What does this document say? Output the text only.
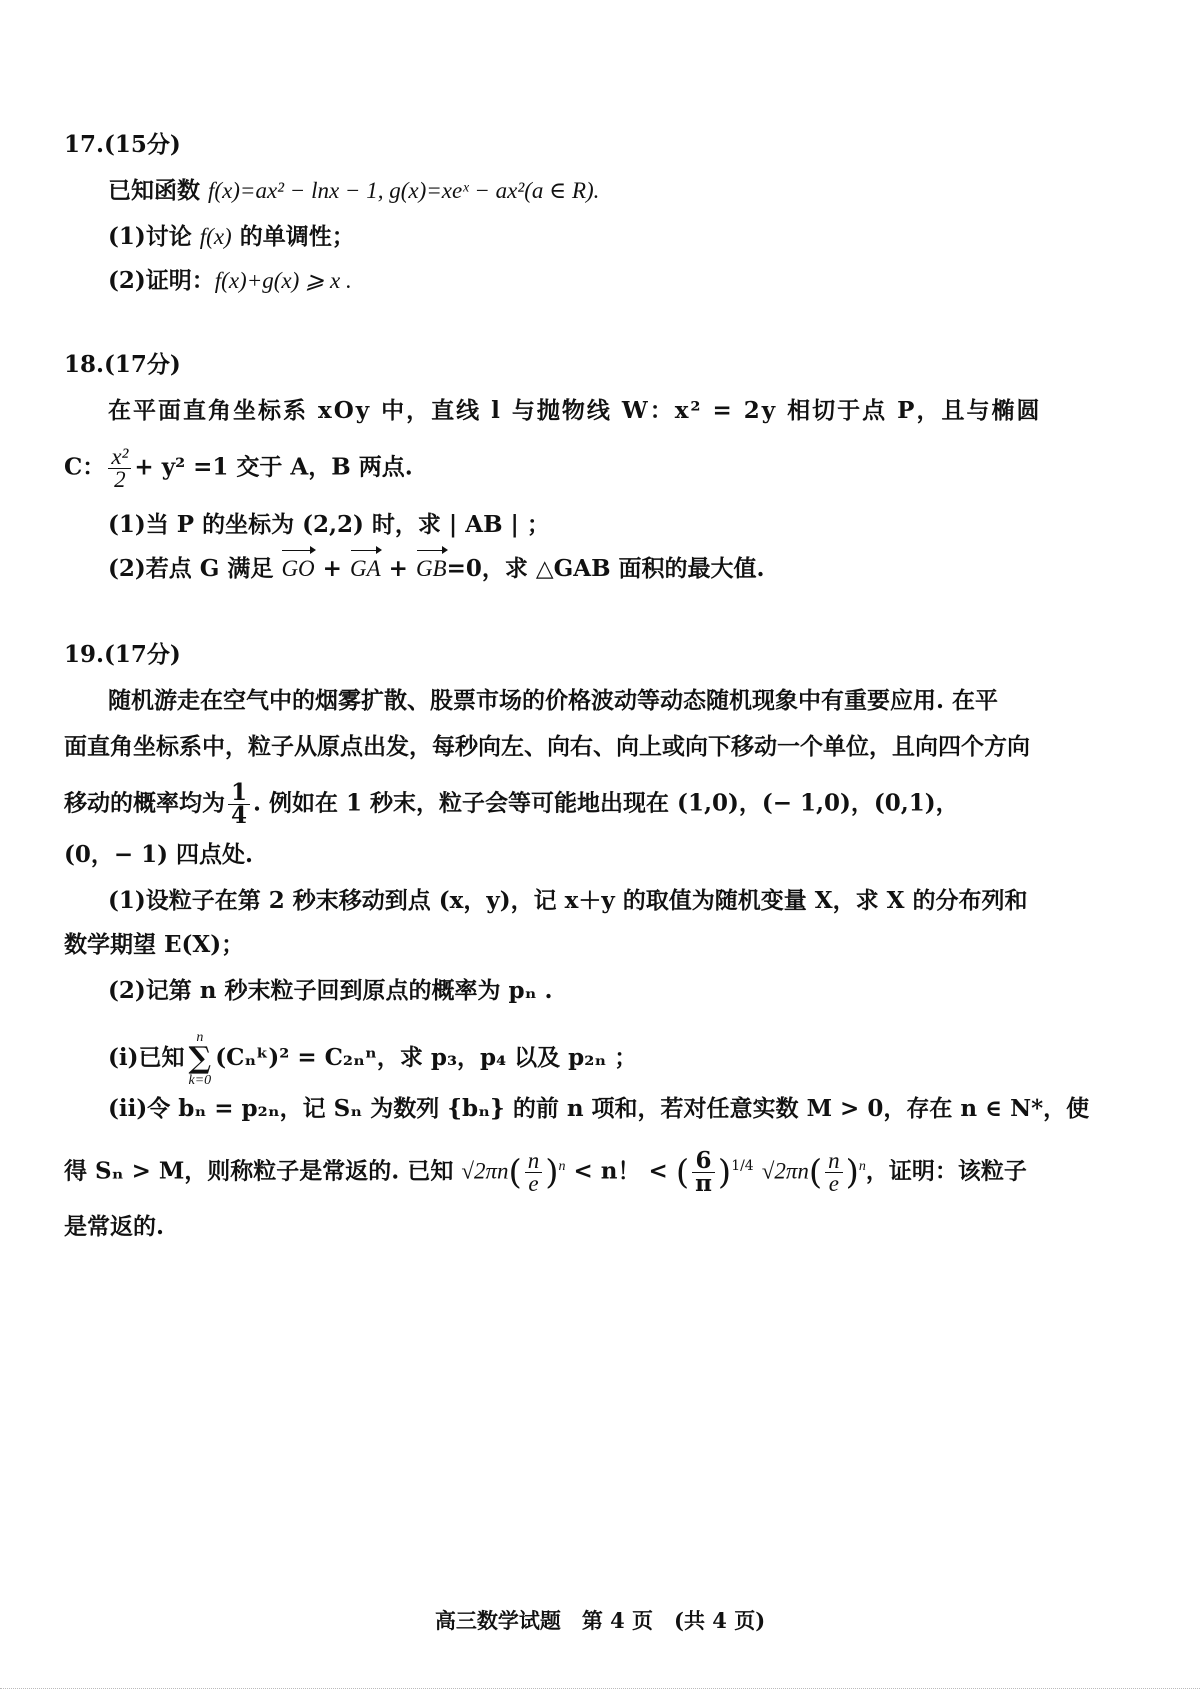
17.(15分)
已知函数 f(x)=ax² − lnx − 1, g(x)=xeˣ − ax²(a ∈ R).
(1)讨论 f(x) 的单调性；
(2)证明：f(x)+g(x) ⩾ x .
18.(17分)
在平面直角坐标系 xOy 中，直线 l 与抛物线 W：x² = 2y 相切于点 P，且与椭圆
C： $\frac{\text{x²}}{2} + y^2 =1$ 交于 A，B 两点.
(1)当 P 的坐标为 (2,2) 时，求 | AB | ；
(2)若点 G 满足 GO + GA + GB=0，求 △GAB 面积的最大值.
19.(17分)
随机游走在空气中的烟雾扩散、股票市场的价格波动等动态随机现象中有重要应用. 在平
面直角坐标系中，粒子从原点出发，每秒向左、向右、向上或向下移动一个单位，且向四个方向
移动的概率均为 $\frac{1}{4}$ . 例如在 1 秒末，粒子会等可能地出现在 (1,0)，(− 1,0)，(0,1)，
(0，− 1) 四点处.
(1)设粒子在第 2 秒末移动到点 (x，y)，记 x＋y 的取值为随机变量 X，求 X 的分布列和
数学期望 E(X)；
(2)记第 n 秒末粒子回到原点的概率为 pₙ .
(i)已知n
∑
k=0(Cₙᵏ)² = C₂ₙⁿ，求 p₃，p₄ 以及 p₂ₙ ；
(ii)令 bₙ = p₂ₙ，记 Sₙ 为数列 {bₙ} 的前 n 项和，若对任意实数 M > 0，存在 n ∈ N*，使
得 Sₙ > M，则称粒子是常返的. 已知 $√2\pi n( \frac{n}{e} )^n < n$！ < ( $\frac{6}{\pi} )^{1/4}$ $√2\pi n( \frac{n}{e} )^n$，证明：该粒子
是常返的.
高三数学试题　第 4 页　(共 4 页)
